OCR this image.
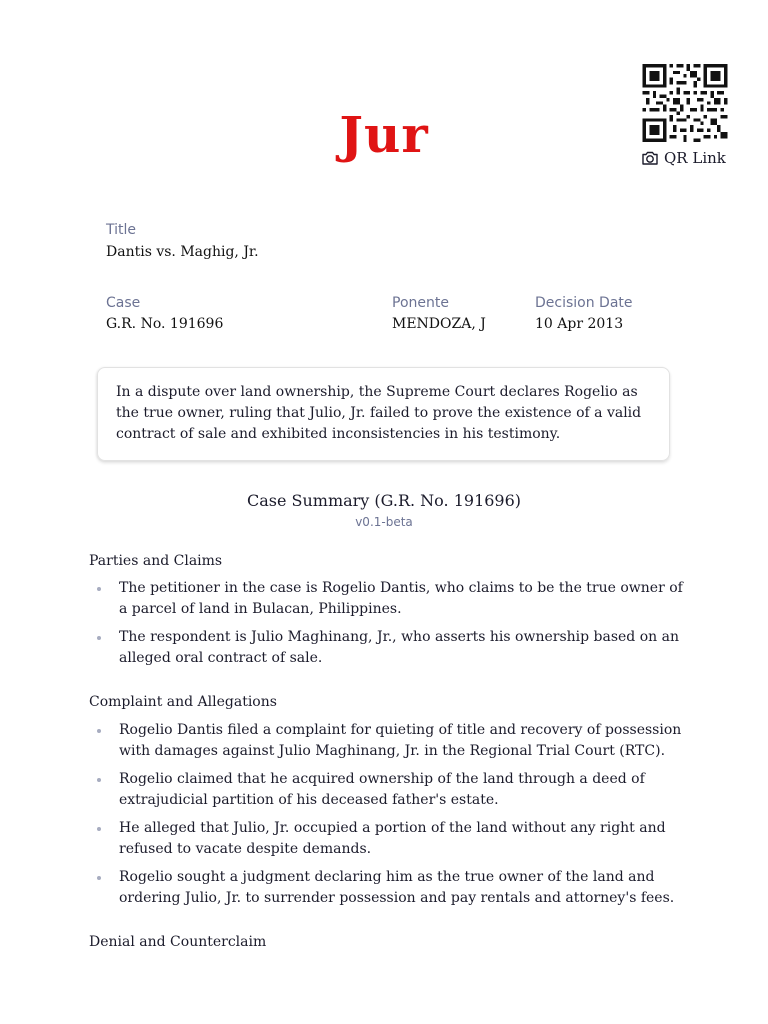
Jur	QR Link
Title
Dantis vs. Maghig, Jr.
Case
G.R. No. 191696
Ponente
MENDOZA, J
Decision Date
10 Apr 2013
In a dispute over land ownership, the Supreme Court declares Rogelio as the true owner, ruling that Julio, Jr. failed to prove the existence of a valid contract of sale and exhibited inconsistencies in his testimony.
Case Summary (G.R. No. 191696)
v0.1-beta
Parties and Claims
The petitioner in the case is Rogelio Dantis, who claims to be the true owner of a parcel of land in Bulacan, Philippines.
The respondent is Julio Maghinang, Jr., who asserts his ownership based on an alleged oral contract of sale.
Complaint and Allegations
Rogelio Dantis filed a complaint for quieting of title and recovery of possession with damages against Julio Maghinang, Jr. in the Regional Trial Court (RTC).
Rogelio claimed that he acquired ownership of the land through a deed of extrajudicial partition of his deceased father's estate.
He alleged that Julio, Jr. occupied a portion of the land without any right and refused to vacate despite demands.
Rogelio sought a judgment declaring him as the true owner of the land and ordering Julio, Jr. to surrender possession and pay rentals and attorney's fees.
Denial and Counterclaim
